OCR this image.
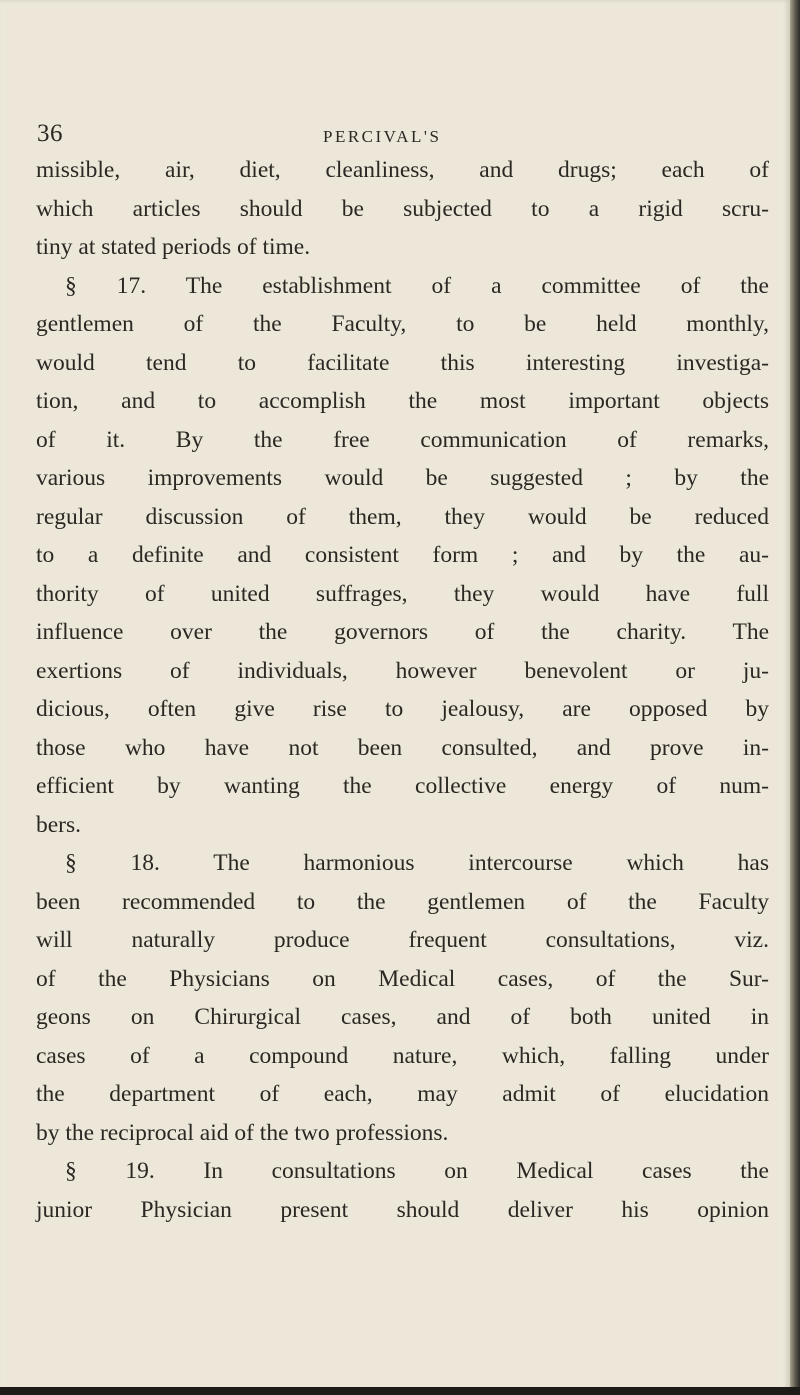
36	PERCIVAL'S
missible, air, diet, cleanliness, and drugs; each of
which articles should be subjected to a rigid scru-
tiny at stated periods of time.
§ 17. The establishment of a committee of the
gentlemen of the Faculty, to be held monthly,
would tend to facilitate this interesting investiga-
tion, and to accomplish the most important objects
of it. By the free communication of remarks,
various improvements would be suggested ; by the
regular discussion of them, they would be reduced
to a definite and consistent form ; and by the au-
thority of united suffrages, they would have full
influence over the governors of the charity. The
exertions of individuals, however benevolent or ju-
dicious, often give rise to jealousy, are opposed by
those who have not been consulted, and prove in-
efficient by wanting the collective energy of num-
bers.
§ 18. The harmonious intercourse which has
been recommended to the gentlemen of the Faculty
will naturally produce frequent consultations, viz.
of the Physicians on Medical cases, of the Sur-
geons on Chirurgical cases, and of both united in
cases of a compound nature, which, falling under
the department of each, may admit of elucidation
by the reciprocal aid of the two professions.
§ 19. In consultations on Medical cases the
junior Physician present should deliver his opinion
